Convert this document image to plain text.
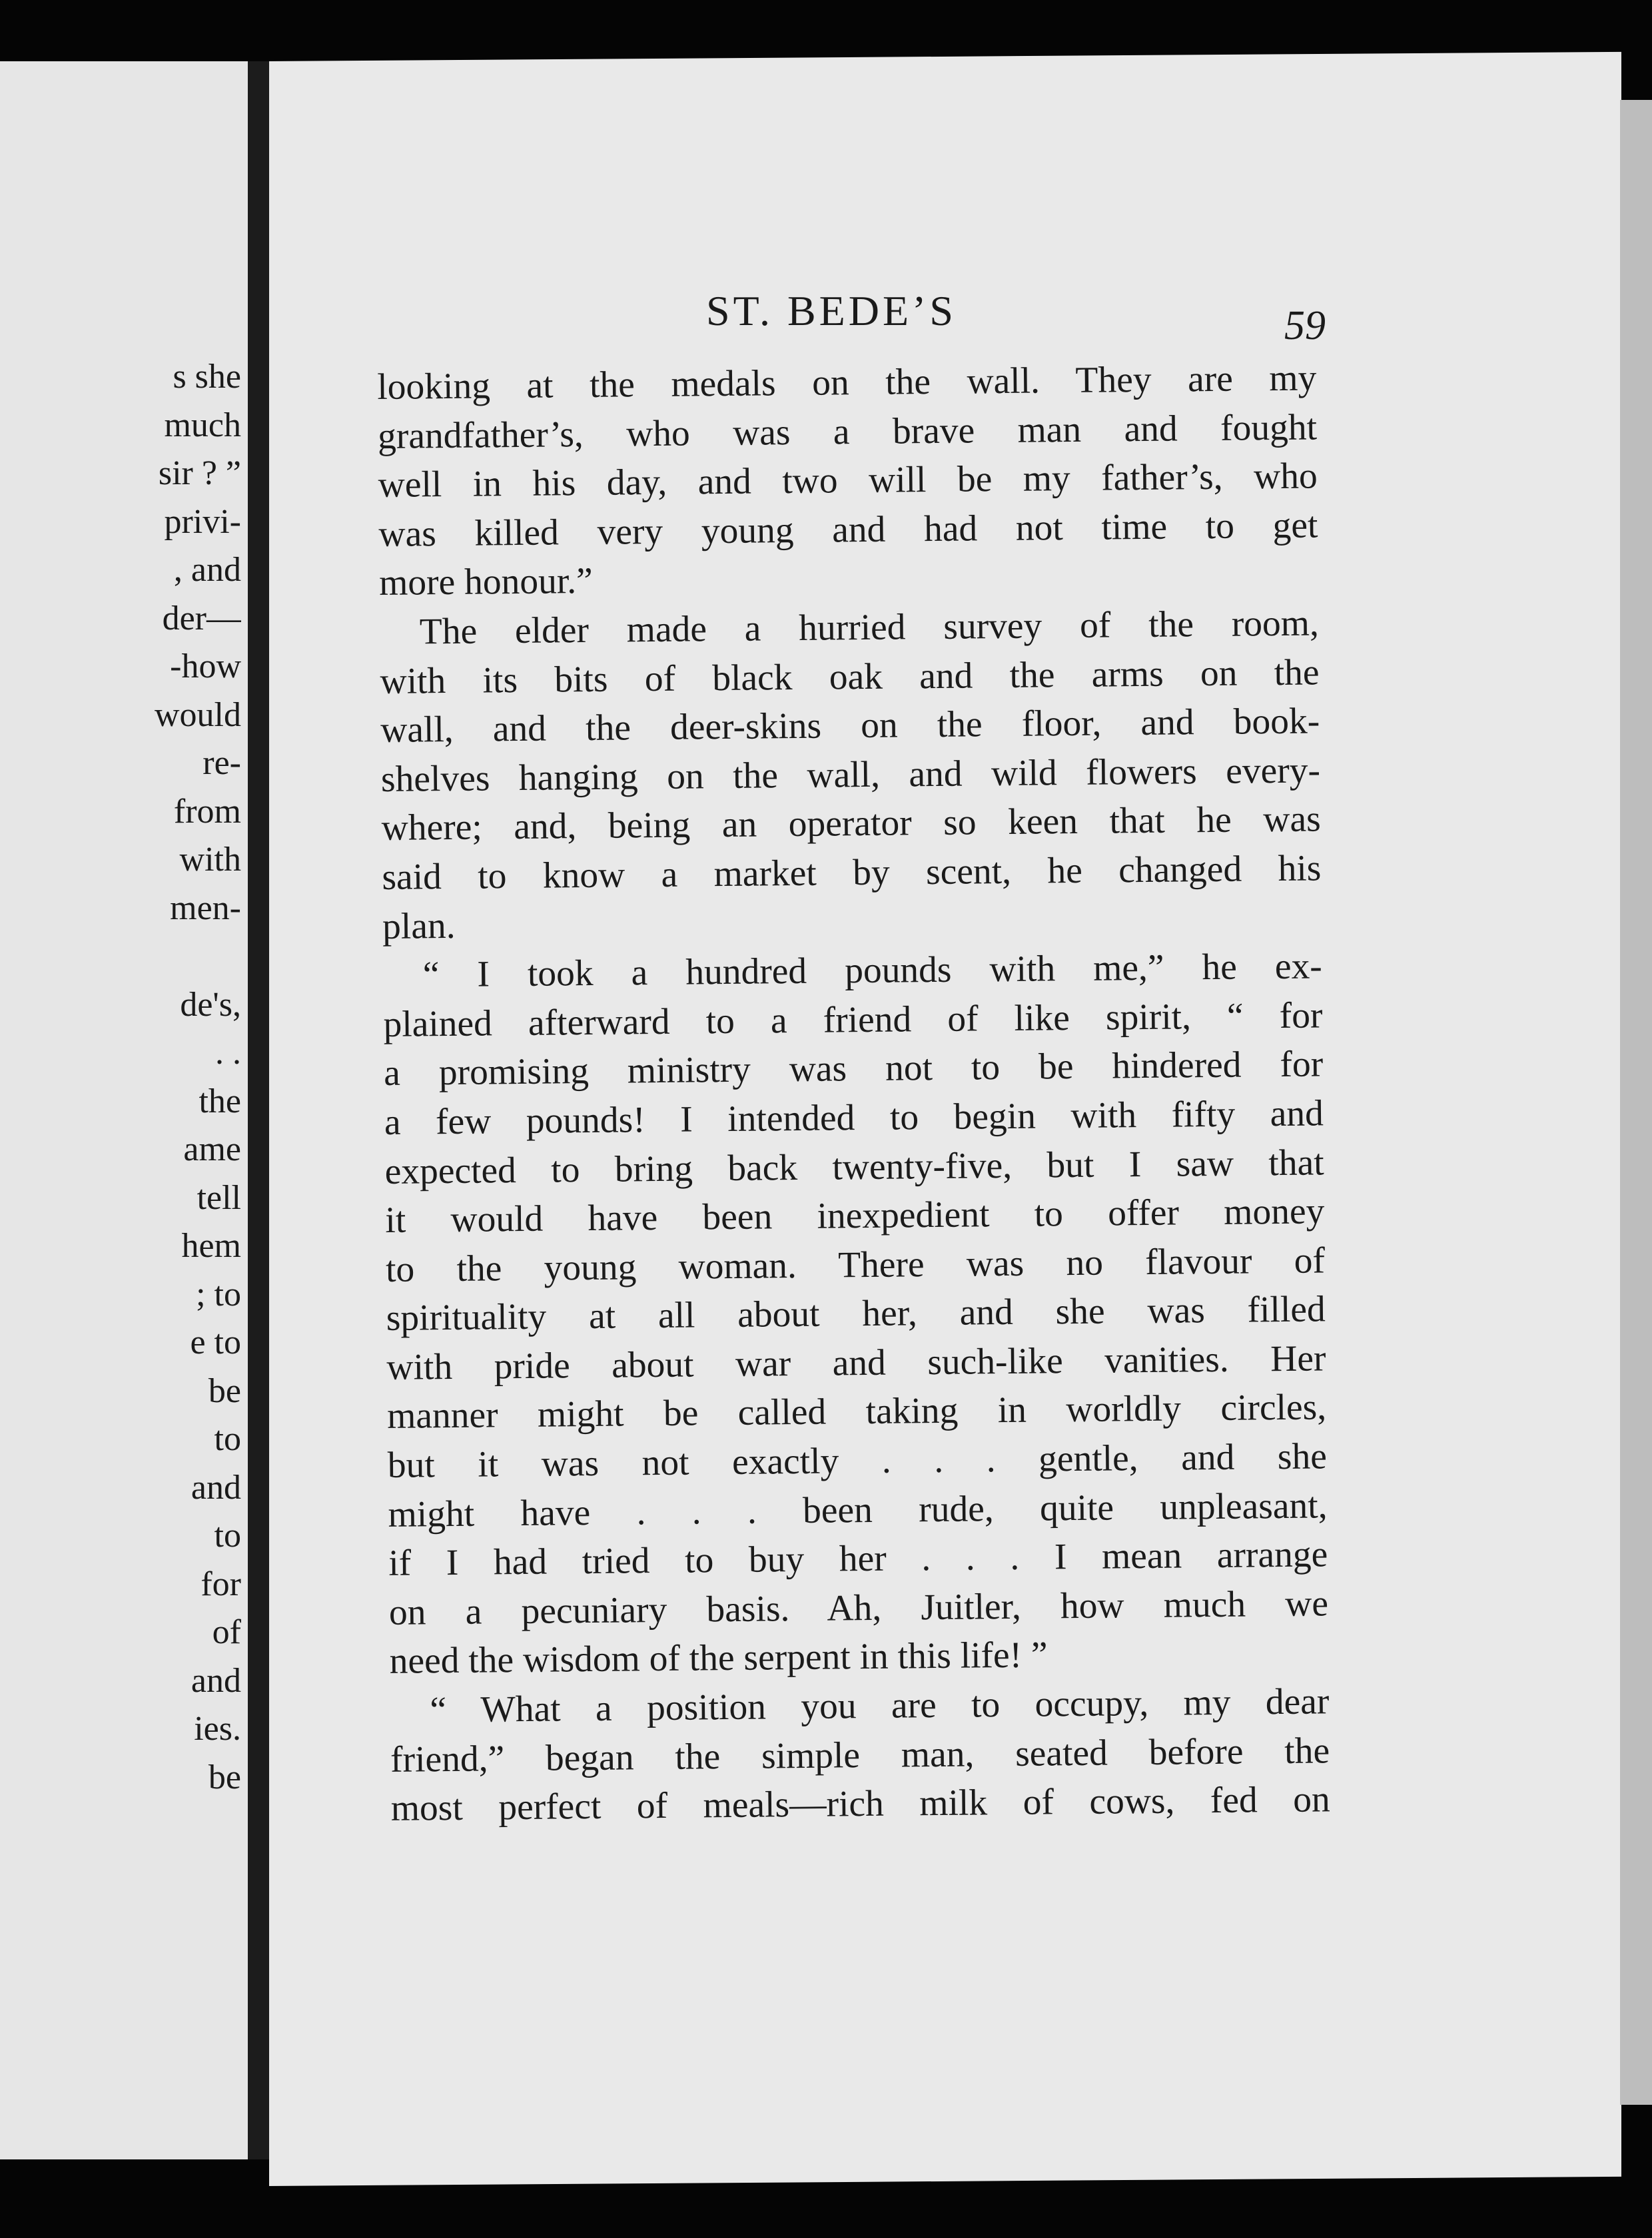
s she
much
sir ? ”
privi-
, and
der—
-how
would
re-
from
with
men-
de's,
. .
the
ame
tell
hem
; to
e to
be
to
and
to
for
of
and
ies.
be
ST. BEDE’S	59
looking at the medals on the wall. They are my
grandfather’s, who was a brave man and fought
well in his day, and two will be my father’s, who
was killed very young and had not time to get
more honour.”
The elder made a hurried survey of the room,
with its bits of black oak and the arms on the
wall, and the deer-skins on the floor, and book-
shelves hanging on the wall, and wild flowers every-
where; and, being an operator so keen that he was
said to know a market by scent, he changed his
plan.
“ I took a hundred pounds with me,” he ex-
plained afterward to a friend of like spirit, “ for
a promising ministry was not to be hindered for
a few pounds! I intended to begin with fifty and
expected to bring back twenty-five, but I saw that
it would have been inexpedient to offer money
to the young woman. There was no flavour of
spirituality at all about her, and she was filled
with pride about war and such-like vanities. Her
manner might be called taking in worldly circles,
but it was not exactly . . . gentle, and she
might have . . . been rude, quite unpleasant,
if I had tried to buy her . . . I mean arrange
on a pecuniary basis. Ah, Juitler, how much we
need the wisdom of the serpent in this life! ”
“ What a position you are to occupy, my dear
friend,” began the simple man, seated before the
most perfect of meals—rich milk of cows, fed on
